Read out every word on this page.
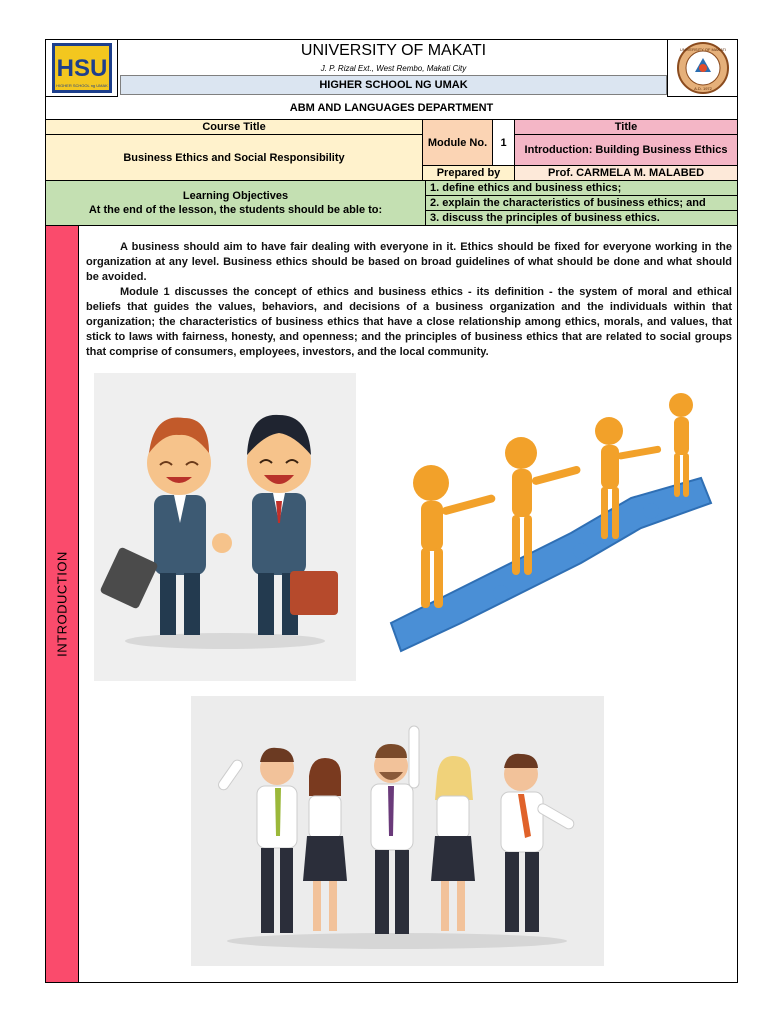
HSU
HIGHER SCHOOL ng UMAK
UNIVERSITY OF MAKATI
J. P. Rizal Ext., West Rembo, Makati City
HIGHER SCHOOL NG UMAK
UNIVERSITY OF MAKATI
A.D. 1972
ABM AND LANGUAGES DEPARTMENT
Course Title
Business Ethics and Social Responsibility
Module No.	1
Title
Introduction: Building Business Ethics
Prepared by	Prof. CARMELA M. MALABED
Learning Objectives
At the end of the lesson, the students should be able to:
1. define ethics and business ethics;
2. explain the characteristics of business ethics; and
3. discuss the principles of business ethics.
INTRODUCTION

A business should aim to have fair dealing with everyone in it. Ethics should be fixed for everyone working in the organization at any level. Business ethics should be based on broad guidelines of what should be done and what should be avoided.

Module 1 discusses the concept of ethics and business ethics - its definition - the system of moral and ethical beliefs that guides the values, behaviors, and decisions of a business organization and the individuals within that organization; the characteristics of business ethics that have a close relationship among ethics, morals, and values, that stick to laws with fairness, honesty, and openness; and the principles of business ethics that are related to social groups that comprise of consumers, employees, investors, and the local community.
